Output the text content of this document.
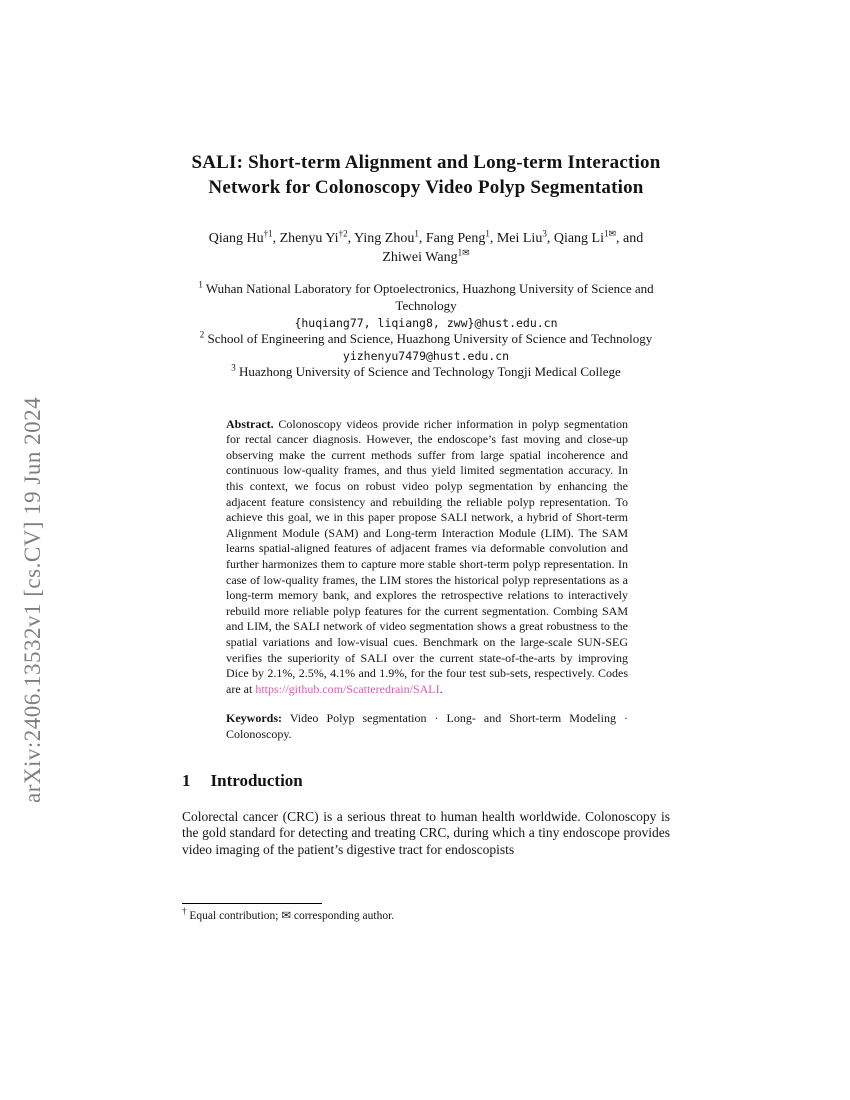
arXiv:2406.13532v1 [cs.CV] 19 Jun 2024
SALI: Short-term Alignment and Long-term Interaction Network for Colonoscopy Video Polyp Segmentation
Qiang Hu$^{\dagger 1}$, Zhenyu Yi$^{\dagger 2}$, Ying Zhou$^1$, Fang Peng$^1$, Mei Liu$^3$, Qiang $Li^{1✉}$, and
Zhiwei Wang$^{1✉}$
$^1$ Wuhan National Laboratory for Optoelectronics, Huazhong University of Science and Technology
{huqiang77, liqiang8, zww}@hust.edu.cn
$^2$ School of Engineering and Science, Huazhong University of Science and Technology
yizhenyu7479@hust.edu.cn
$^3$ Huazhong University of Science and Technology Tongji Medical College

Abstract. Colonoscopy videos provide richer information in polyp segmentation for rectal cancer diagnosis. However, the endoscope’s fast moving and close-up observing make the current methods suffer from large spatial incoherence and continuous low-quality frames, and thus yield limited segmentation accuracy. In this context, we focus on robust video polyp segmentation by enhancing the adjacent feature consistency and rebuilding the reliable polyp representation. To achieve this goal, we in this paper propose SALI network, a hybrid of Short-term Alignment Module (SAM) and Long-term Interaction Module (LIM). The SAM learns spatial-aligned features of adjacent frames via deformable convolution and further harmonizes them to capture more stable short-term polyp representation. In case of low-quality frames, the LIM stores the historical polyp representations as a long-term memory bank, and explores the retrospective relations to interactively rebuild more reliable polyp features for the current segmentation. Combing SAM and LIM, the SALI network of video segmentation shows a great robustness to the spatial variations and low-visual cues. Benchmark on the large-scale SUN-SEG verifies the superiority of SALI over the current state-of-the-arts by improving Dice by 2.1%, 2.5%, 4.1% and 1.9%, for the four test sub-sets, respectively. Codes are at https://github.com/Scatteredrain/SALI.

Keywords: Video Polyp segmentation · Long- and Short-term Modeling · Colonoscopy.

1 Introduction

Colorectal cancer (CRC) is a serious threat to human health worldwide. Colonoscopy is the gold standard for detecting and treating CRC, during which a tiny endoscope provides video imaging of the patient’s digestive tract for endoscopists

† Equal contribution; ✉ corresponding author.
